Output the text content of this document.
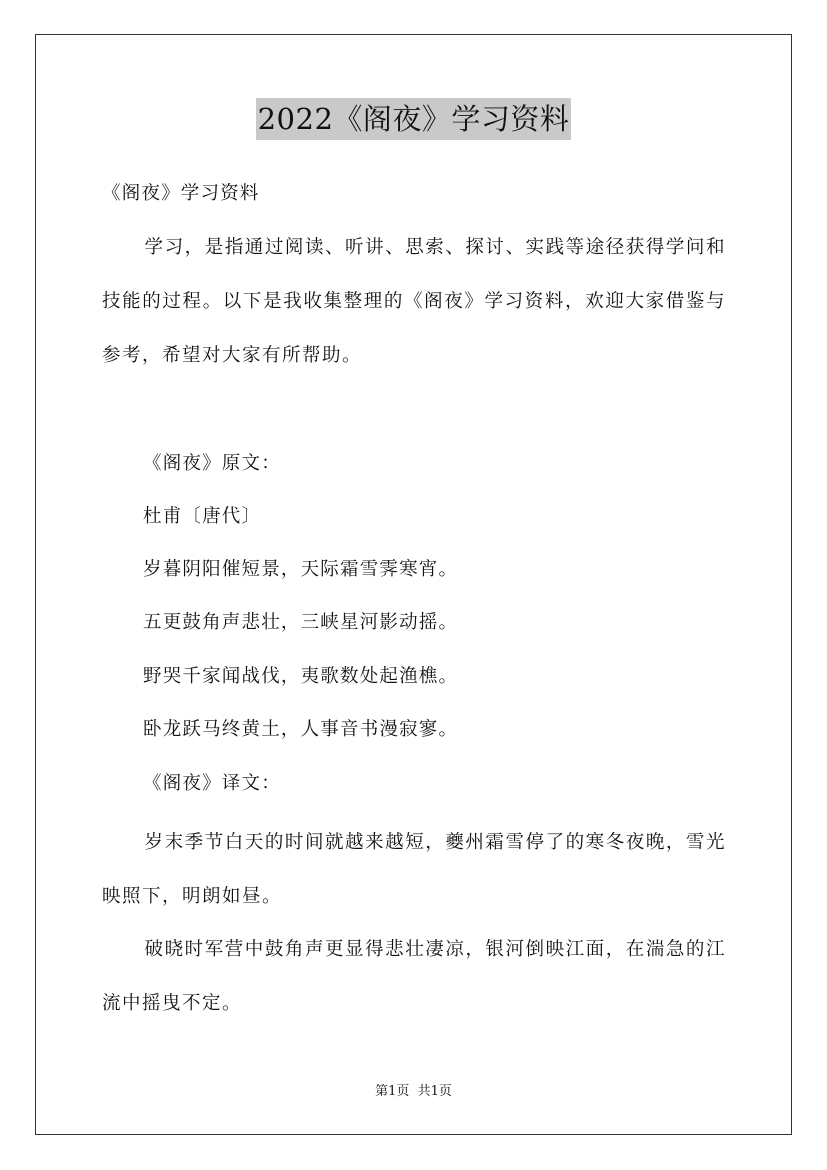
2022《阁夜》学习资料
《阁夜》学习资料
学习，是指通过阅读、听讲、思索、探讨、实践等途径获得学问和技能的过程。以下是我收集整理的《阁夜》学习资料，欢迎大家借鉴与参考，希望对大家有所帮助。
《阁夜》原文：
杜甫〔唐代〕
岁暮阴阳催短景，天际霜雪霁寒宵。
五更鼓角声悲壮，三峡星河影动摇。
野哭千家闻战伐，夷歌数处起渔樵。
卧龙跃马终黄土，人事音书漫寂寥。
《阁夜》译文：
岁末季节白天的时间就越来越短，夔州霜雪停了的寒冬夜晚，雪光映照下，明朗如昼。
破晓时军营中鼓角声更显得悲壮凄凉，银河倒映江面，在湍急的江流中摇曳不定。
第1页  共1页
